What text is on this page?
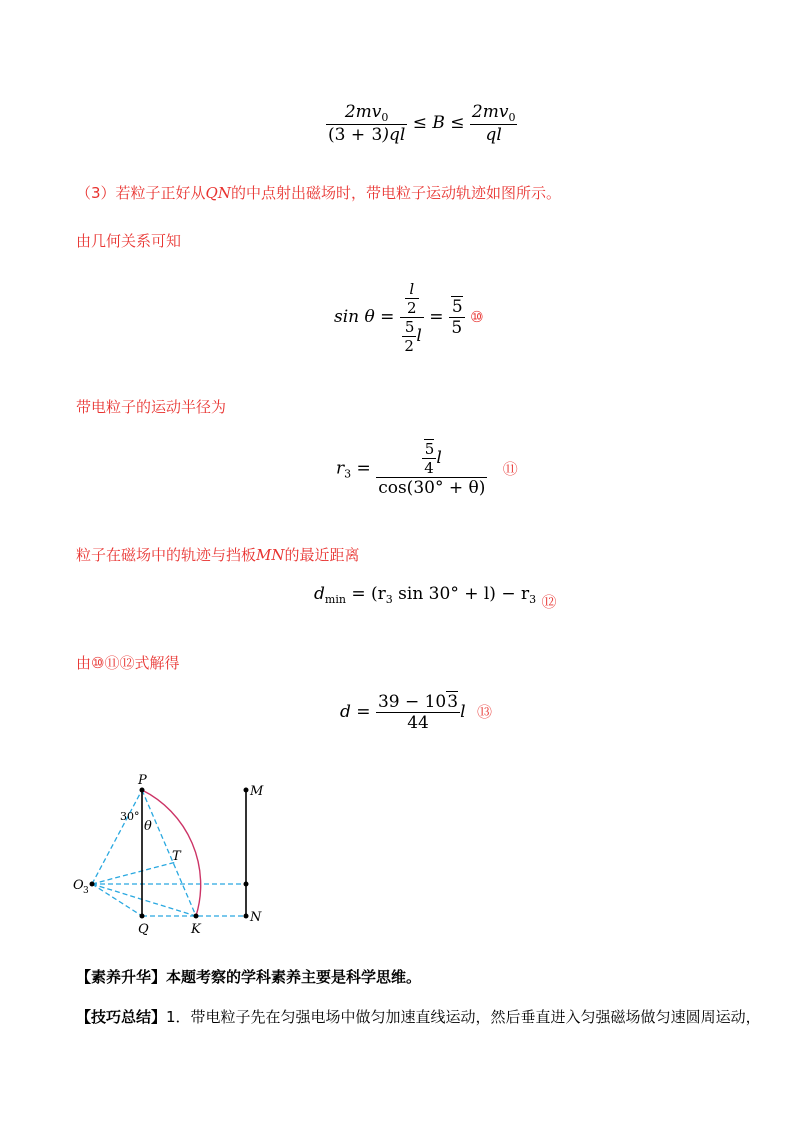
$\frac{2mv_0}{(3 + 3)ql} \le B \le \frac{2mv_0}{ql}$
（3）若粒子正好从QN的中点射出磁场时，带电粒子运动轨迹如图所示。
由几何关系可知
$\sin \theta = \frac{\frac{l}{2}}{\frac{5}{2} l} = \frac{5}{5}$ ⑩
带电粒子的运动半径为
$r_3 = \frac{\frac{5}{4} l}{\cos(30^\circ + \theta)}$ ⑪
粒子在磁场中的轨迹与挡板MN的最近距离
$d_{min} = (r_3$ $\sin 30^\circ + l) - r_3$ ⑫
由⑩⑪⑫式解得
$d = \frac{39 - 103}{44}$ l ⑬
P
M
O 3
Q	K
N
T
θ
30°
【素养升华】本题考察的学科素养主要是科学思维。
【技巧总结】1．带电粒子先在匀强电场中做匀加速直线运动，然后垂直进入匀强磁场做匀速圆周运动，
